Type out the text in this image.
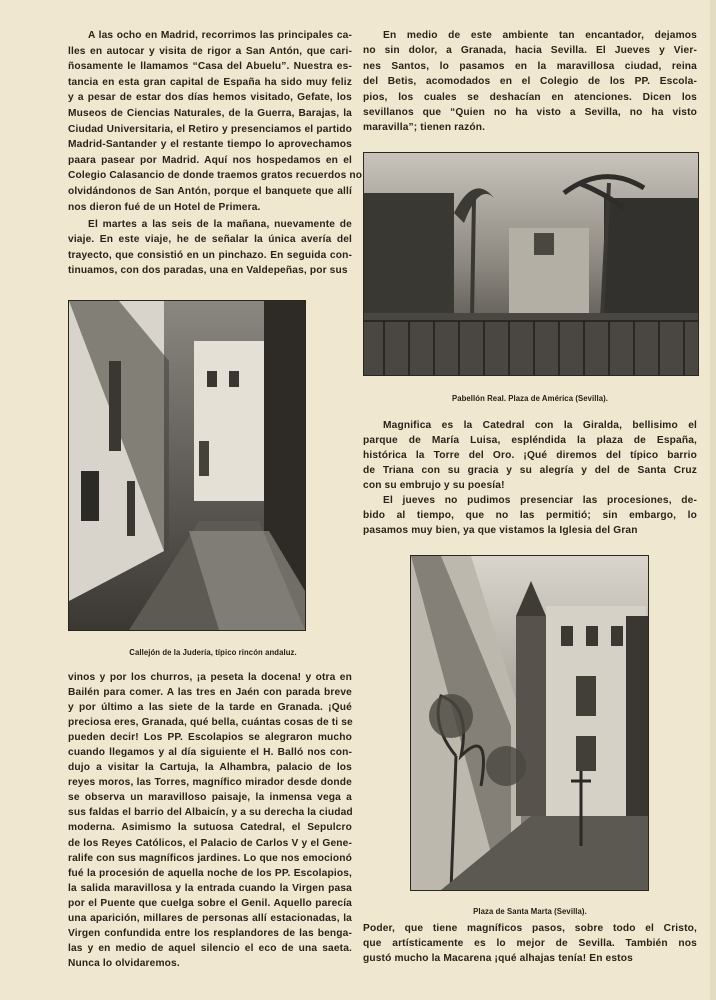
A las ocho en Madrid, recorrimos las principales ca-
lles en autocar y visita de rigor a San Antón, que cari-
ñosamente le llamamos “Casa del Abuelu”. Nuestra es-
tancia en esta gran capital de España ha sido muy feliz
y a pesar de estar dos días hemos visitado, Gefate, los
Museos de Ciencias Naturales, de la Guerra, Barajas, la
Ciudad Universitaria, el Retiro y presenciamos el partido
Madrid-Santander y el restante tiempo lo aprovechamos
paara pasear por Madrid. Aquí nos hospedamos en el
Colegio Calasancio de donde traemos gratos recuerdos no
olvidándonos de San Antón, porque el banquete que allí
nos dieron fué de un Hotel de Primera.
El martes a las seis de la mañana, nuevamente de
viaje. En este viaje, he de señalar la única avería del
trayecto, que consistió en un pinchazo. En seguida con-
tinuamos, con dos paradas, una en Valdepeñas, por sus
vinos y por los churros, ¡a peseta la docena! y otra en
Bailén para comer. A las tres en Jaén con parada breve
y por último a las siete de la tarde en Granada. ¡Qué
preciosa eres, Granada, qué bella, cuántas cosas de ti se
pueden decir! Los PP. Escolapios se alegraron mucho
cuando llegamos y al día siguiente el H. Balló nos con-
dujo a visitar la Cartuja, la Alhambra, palacio de los
reyes moros, las Torres, magnífico mirador desde donde
se observa un maravilloso paisaje, la inmensa vega a
sus faldas el barrio del Albaicín, y a su derecha la ciudad
moderna. Asimismo la sutuosa Catedral, el Sepulcro
de los Reyes Católicos, el Palacio de Carlos V y el Gene-
ralife con sus magníficos jardines. Lo que nos emocionó
fué la procesión de aquella noche de los PP. Escolapios,
la salida maravillosa y la entrada cuando la Virgen pasa
por el Puente que cuelga sobre el Genil. Aquello parecía
una aparición, millares de personas allí estacionadas, la
Virgen confundida entre los resplandores de las benga-
las y en medio de aquel silencio el eco de una saeta.
Nunca lo olvidaremos.
En medio de este ambiente tan encantador, dejamos
no sin dolor, a Granada, hacia Sevilla. El Jueves y Vier-
nes Santos, lo pasamos en la maravillosa ciudad, reina
del Betis, acomodados en el Colegio de los PP. Escola-
pios, los cuales se deshacían en atenciones. Dicen los
sevillanos que “Quien no ha visto a Sevilla, no ha visto
maravilla”; tienen razón.
Magnifica es la Catedral con la Giralda, bellisimo el
parque de María Luisa, espléndida la plaza de España,
histórica la Torre del Oro. ¡Qué diremos del típico barrio
de Triana con su gracia y su alegría y del de Santa Cruz
con su embrujo y su poesía!
El jueves no pudimos presenciar las procesiones, de-
bido al tiempo, que no las permitió; sin embargo, lo
pasamos muy bien, ya que vistamos la Iglesia del Gran
Poder, que tiene magníficos pasos, sobre todo el Cristo,
que artísticamente es lo mejor de Sevilla. También nos
gustó mucho la Macarena ¡qué alhajas tenía! En estos
Callejón de la Judería, típico rincón andaluz.
Pabellón Real. Plaza de América (Sevilla).
Plaza de Santa Marta (Sevilla).
